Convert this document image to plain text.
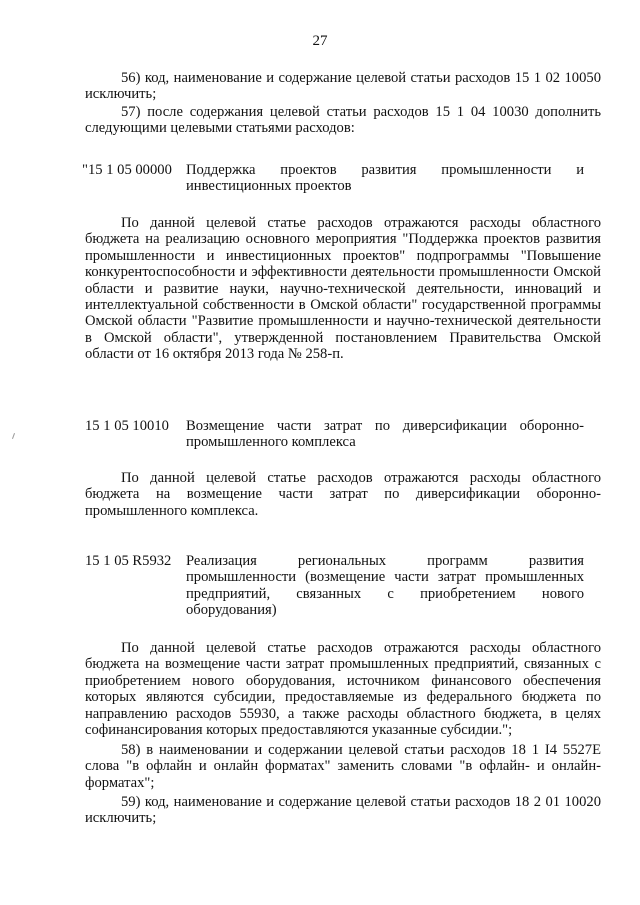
27
56) код, наименование и содержание целевой статьи расходов 15 1 02 10050 исключить;
57) после содержания целевой статьи расходов 15 1 04 10030 дополнить следующими целевыми статьями расходов:
"15 1 05 00000 Поддержка проектов развития промышленности и инвестиционных проектов
По данной целевой статье расходов отражаются расходы областного бюджета на реализацию основного мероприятия "Поддержка проектов развития промышленности и инвестиционных проектов" подпрограммы "Повышение конкурентоспособности и эффективности деятельности промышленности Омской области и развитие науки, научно-технической деятельности, инноваций и интеллектуальной собственности в Омской области" государственной программы Омской области "Развитие промышленности и научно-технической деятельности в Омской области", утвержденной постановлением Правительства Омской области от 16 октября 2013 года № 258-п.
15 1 05 10010 Возмещение части затрат по диверсификации оборонно-промышленного комплекса
По данной целевой статье расходов отражаются расходы областного бюджета на возмещение части затрат по диверсификации оборонно-промышленного комплекса.
15 1 05 R5932 Реализация региональных программ развития промышленности (возмещение части затрат промышленных предприятий, связанных с приобретением нового оборудования)
По данной целевой статье расходов отражаются расходы областного бюджета на возмещение части затрат промышленных предприятий, связанных с приобретением нового оборудования, источником финансового обеспечения которых являются субсидии, предоставляемые из федерального бюджета по направлению расходов 55930, а также расходы областного бюджета, в целях софинансирования которых предоставляются указанные субсидии.";
58) в наименовании и содержании целевой статьи расходов 18 1 I4 5527E слова "в офлайн и онлайн форматах" заменить словами "в офлайн- и онлайн- форматах";
59) код, наименование и содержание целевой статьи расходов 18 2 01 10020 исключить;
